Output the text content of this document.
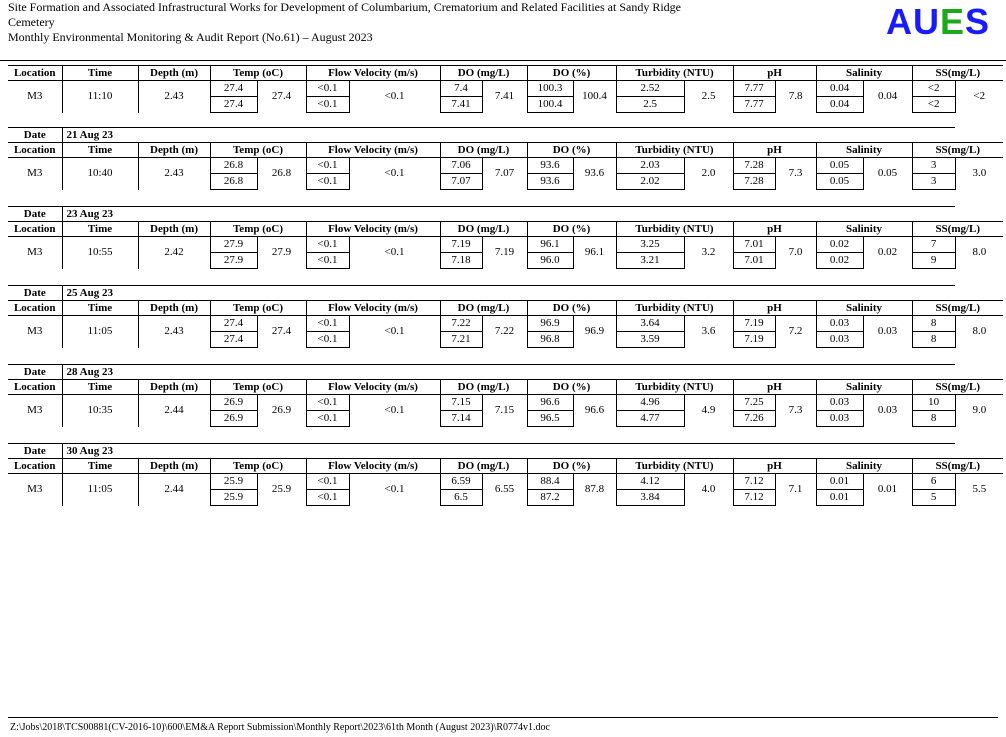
Site Formation and Associated Infrastructural Works for Development of Columbarium, Crematorium and Related Facilities at Sandy Ridge
Cemetery
Monthly Environmental Monitoring & Audit Report (No.61) – August 2023	AUES
Location	Time	Depth (m)	Temp (oC)		Flow Velocity (m/s)		DO (mg/L)		DO (%)		Turbidity (NTU)		pH		Salinity		SS(mg/L)	
M3	11:10	2.43	27.4	27.4	<0.1	<0.1	7.4	7.41	100.3	100.4	2.52	2.5	7.77	7.8	0.04	0.04	<2	<2
			27.4		<0.1		7.41		100.4		2.5		7.77		0.04		<2	
Date	21 Aug 23																	
Location	Time	Depth (m)	Temp (oC)		Flow Velocity (m/s)		DO (mg/L)		DO (%)		Turbidity (NTU)		pH		Salinity		SS(mg/L)	
M3	10:40	2.43	26.8	26.8	<0.1	<0.1	7.06	7.07	93.6	93.6	2.03	2.0	7.28	7.3	0.05	0.05	3	3.0
			26.8		<0.1		7.07		93.6		2.02		7.28		0.05		3	
Date	23 Aug 23																	
Location	Time	Depth (m)	Temp (oC)		Flow Velocity (m/s)		DO (mg/L)		DO (%)		Turbidity (NTU)		pH		Salinity		SS(mg/L)	
M3	10:55	2.42	27.9	27.9	<0.1	<0.1	7.19	7.19	96.1	96.1	3.25	3.2	7.01	7.0	0.02	0.02	7	8.0
			27.9		<0.1		7.18		96.0		3.21		7.01		0.02		9	
Date	25 Aug 23																	
Location	Time	Depth (m)	Temp (oC)		Flow Velocity (m/s)		DO (mg/L)		DO (%)		Turbidity (NTU)		pH		Salinity		SS(mg/L)	
M3	11:05	2.43	27.4	27.4	<0.1	<0.1	7.22	7.22	96.9	96.9	3.64	3.6	7.19	7.2	0.03	0.03	8	8.0
			27.4		<0.1		7.21		96.8		3.59		7.19		0.03		8	
Date	28 Aug 23																	
Location	Time	Depth (m)	Temp (oC)		Flow Velocity (m/s)		DO (mg/L)		DO (%)		Turbidity (NTU)		pH		Salinity		SS(mg/L)	
M3	10:35	2.44	26.9	26.9	<0.1	<0.1	7.15	7.15	96.6	96.6	4.96	4.9	7.25	7.3	0.03	0.03	10	9.0
			26.9		<0.1		7.14		96.5		4.77		7.26		0.03		8	
Date	30 Aug 23																	
Location	Time	Depth (m)	Temp (oC)		Flow Velocity (m/s)		DO (mg/L)		DO (%)		Turbidity (NTU)		pH		Salinity		SS(mg/L)	
M3	11:05	2.44	25.9	25.9	<0.1	<0.1	6.59	6.55	88.4	87.8	4.12	4.0	7.12	7.1	0.01	0.01	6	5.5
			25.9		<0.1		6.5		87.2		3.84		7.12		0.01		5	
Z:\Jobs\2018\TCS00881(CV-2016-10)\600\EM&A Report Submission\Monthly Report\2023\61th Month (August 2023)\R0774v1.doc
